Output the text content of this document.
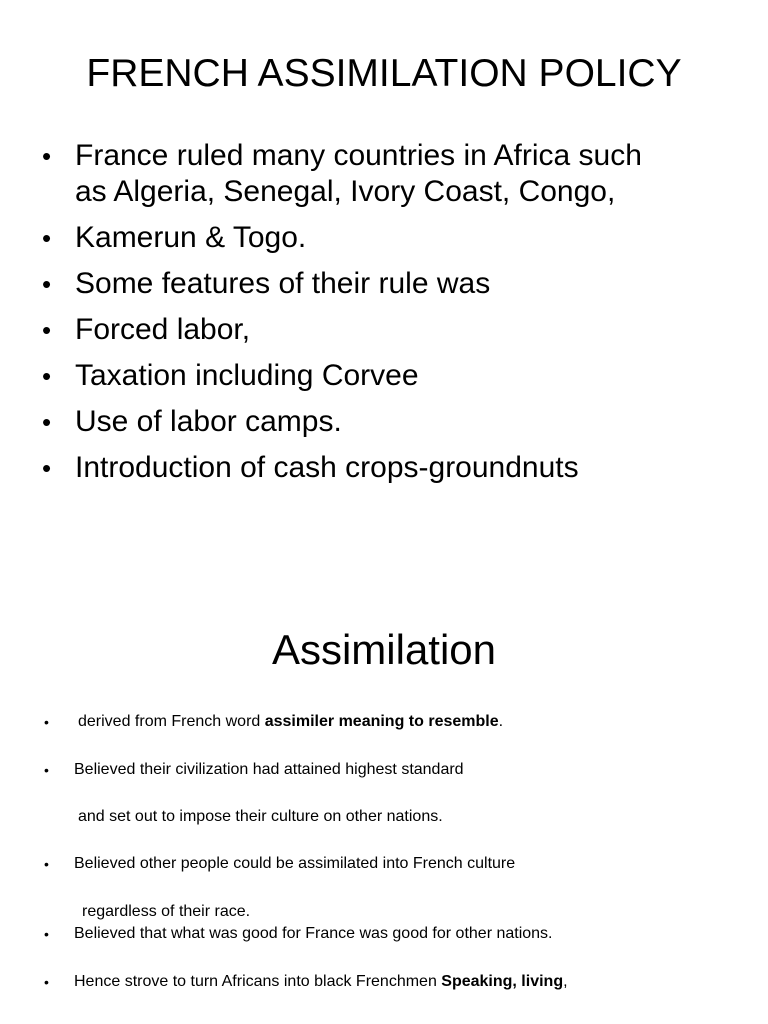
FRENCH ASSIMILATION POLICY
• France ruled many countries in Africa such
as Algeria, Senegal, Ivory Coast, Congo,
• Kamerun & Togo.
• Some features of their rule was
• Forced labor,
• Taxation including Corvee
• Use of labor camps.
• Introduction of cash crops-groundnuts
Assimilation
• derived from French word assimiler meaning to resemble.
• Believed their civilization had attained highest standard
and set out to impose their culture on other nations.
• Believed other people could be assimilated into French culture
regardless of their race.
• Believed that what was good for France was good for other nations.
• Hence strove to turn Africans into black Frenchmen Speaking, living,
